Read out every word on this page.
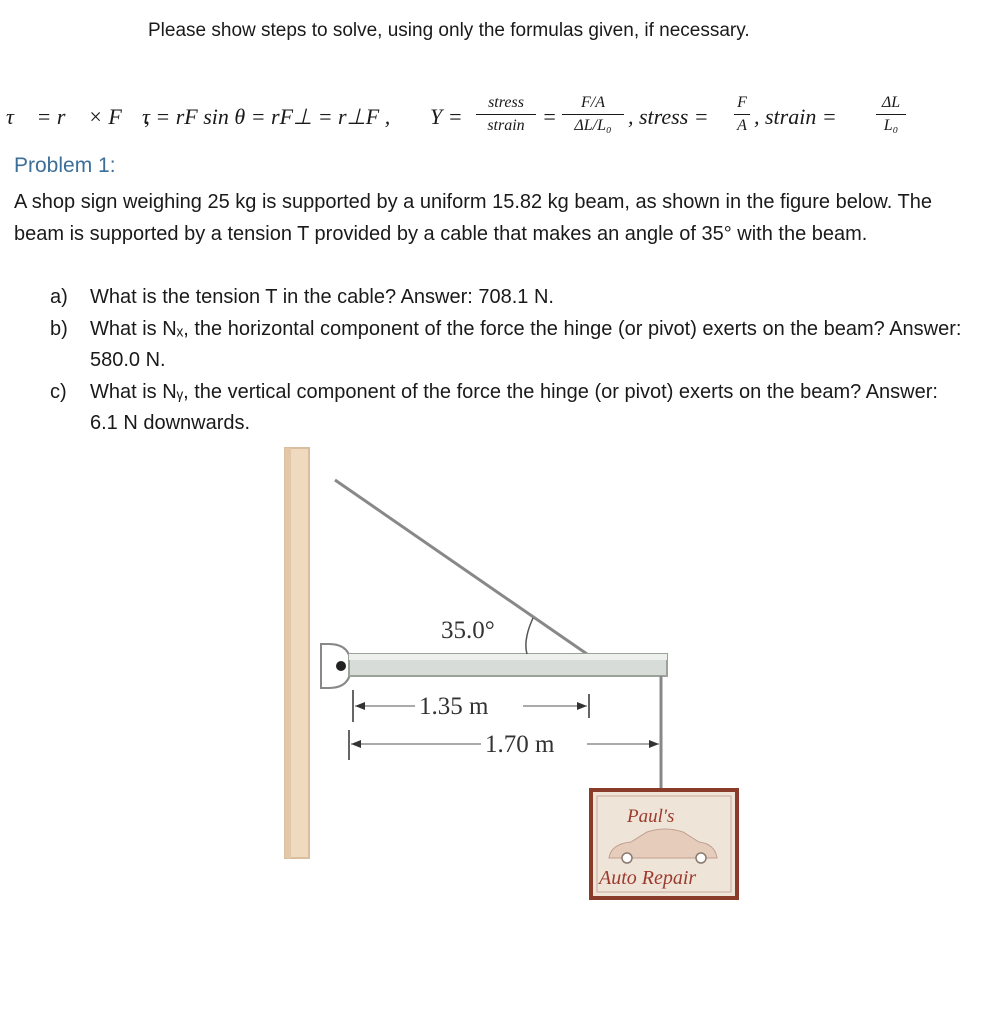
Please show steps to solve, using only the formulas given, if necessary.
τ⃗ = r⃗ × F⃗ ,
τ = rF sin θ = rF⊥ = r⊥F , Y =
stress
strain =
F/A
ΔL/L₀ , stress =
F
A , strain =
ΔL
L₀
Problem 1:
A shop sign weighing 25 kg is supported by a uniform 15.82 kg beam, as shown in the figure below. The beam is supported by a tension T provided by a cable that makes an angle of 35° with the beam.
a) What is the tension T in the cable? Answer: 708.1 N.
b) What is Nₓ, the horizontal component of the force the hinge (or pivot) exerts on the beam? Answer: 580.0 N.
c) What is Nᵧ, the vertical component of the force the hinge (or pivot) exerts on the beam? Answer: 6.1 N downwards.
35.0°
1.35 m
1.70 m
Paul's
Auto Repair
